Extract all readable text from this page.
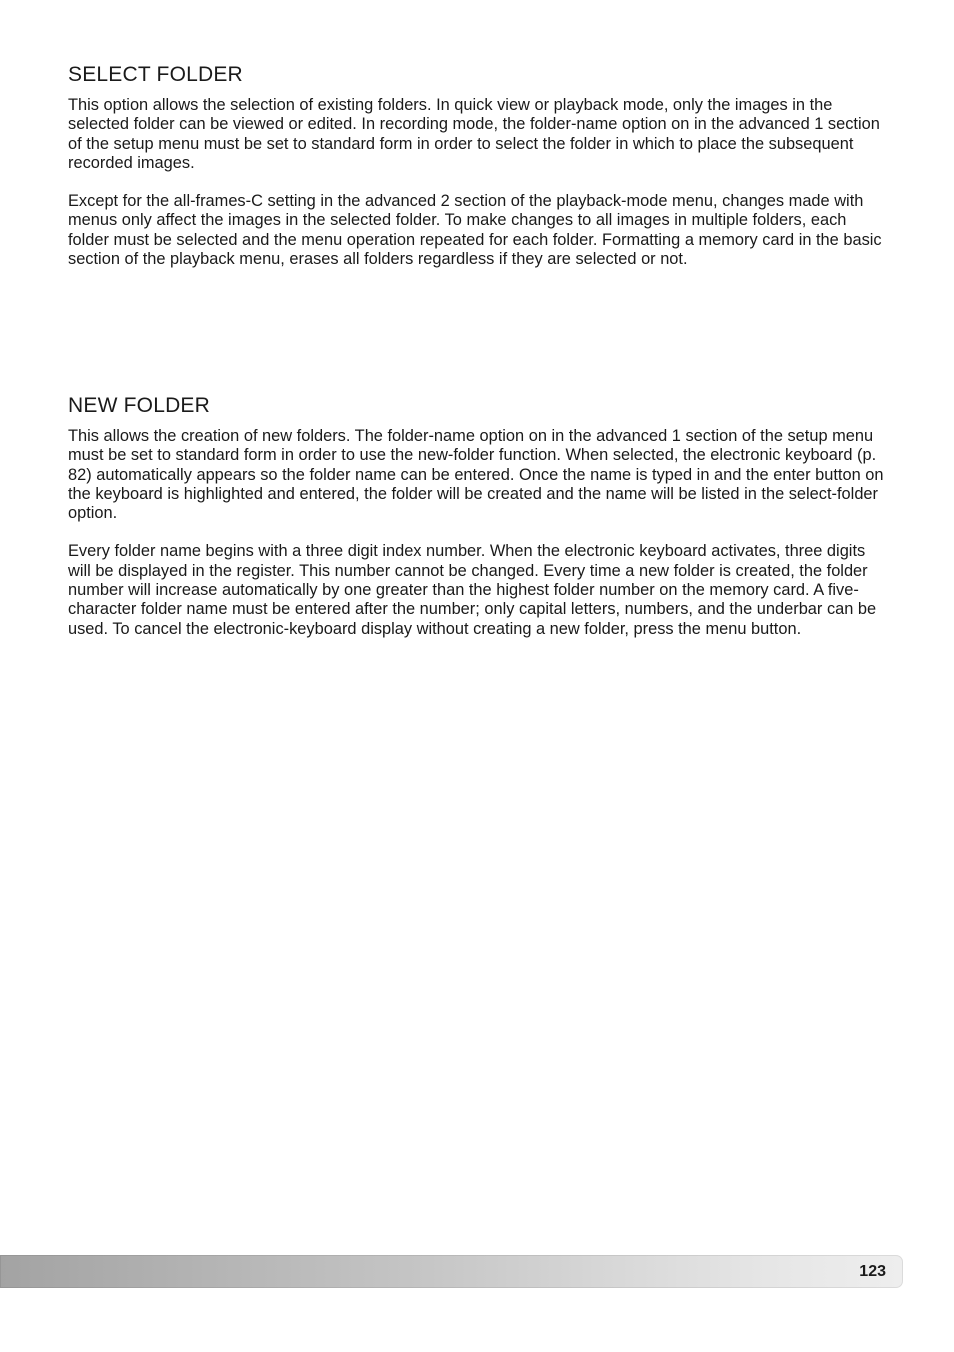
SELECT FOLDER

This option allows the selection of existing folders. In quick view or playback mode, only the images in the selected folder can be viewed or edited. In recording mode, the folder-name option on in the advanced 1 section of the setup menu must be set to standard form in order to select the folder in which to place the subsequent recorded images.

Except for the all-frames-C setting in the advanced 2 section of the playback-mode menu, changes made with menus only affect the images in the selected folder. To make changes to all images in multiple folders, each folder must be selected and the menu operation repeated for each folder. Formatting a memory card in the basic section of the playback menu, erases all folders regardless if they are selected or not.

NEW FOLDER

This allows the creation of new folders. The folder-name option on in the advanced 1 section of the setup menu must be set to standard form in order to use the new-folder function. When selected, the electronic keyboard (p. 82) automatically appears so the folder name can be entered. Once the name is typed in and the enter button on the keyboard is highlighted and entered, the folder will be created and the name will be listed in the select-folder option.

Every folder name begins with a three digit index number. When the electronic keyboard activates, three digits will be displayed in the register. This number cannot be changed. Every time a new folder is created, the folder number will increase automatically by one greater than the highest folder number on the memory card. A five-character folder name must be entered after the number; only capital letters, numbers, and the underbar can be used. To cancel the electronic-keyboard display without creating a new folder, press the menu button.

123
